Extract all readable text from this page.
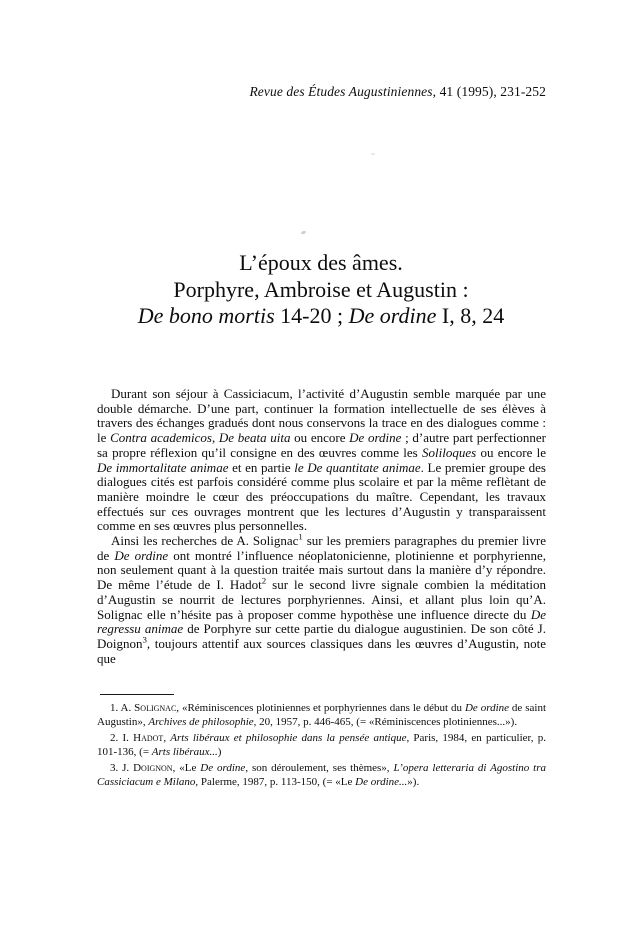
Revue des Études Augustiniennes, 41 (1995), 231-252
L’époux des âmes.
Porphyre, Ambroise et Augustin :
De bono mortis 14-20 ; De ordine I, 8, 24

Durant son séjour à Cassiciacum, l’activité d’Augustin semble marquée par une double démarche. D’une part, continuer la formation intellectuelle de ses élèves à travers des échanges gradués dont nous conservons la trace en des dialogues comme : le Contra academicos, De beata uita ou encore De ordine ; d’autre part perfectionner sa propre réflexion qu’il consigne en des œuvres comme les Soliloques ou encore le De immortalitate animae et en partie le De quantitate animae. Le premier groupe des dialogues cités est parfois considéré comme plus scolaire et par la même reflètant de manière moindre le cœur des préoccupations du maître. Cependant, les travaux effectués sur ces ouvrages montrent que les lectures d’Augustin y transparaissent comme en ses œuvres plus personnelles.

Ainsi les recherches de A. Solignac$^1$ sur les premiers paragraphes du premier livre de De ordine ont montré l’influence néoplatonicienne, plotinienne et porphyrienne, non seulement quant à la question traitée mais surtout dans la manière d’y répondre. De même l’étude de I. Hadot$^2$ sur le second livre signale combien la méditation d’Augustin se nourrit de lectures porphyriennes. Ainsi, et allant plus loin qu’A. Solignac elle n’hésite pas à proposer comme hypothèse une influence directe du De regressu animae de Porphyre sur cette partie du dialogue augustinien. De son côté J. Doignon$^3$, toujours attentif aux sources classiques dans les œuvres d’Augustin, note que

1. A. Solignac, «Réminiscences plotiniennes et porphyriennes dans le début du De ordine de saint Augustin», Archives de philosophie, 20, 1957, p. 446-465, (= «Réminiscences plotiniennes...»).

2. I. Hadot, Arts libéraux et philosophie dans la pensée antique, Paris, 1984, en particulier, p. 101-136, (= Arts libéraux...)

3. J. Doignon, «Le De ordine, son déroulement, ses thèmes», L’opera letteraria di Agostino tra Cassiciacum e Milano, Palerme, 1987, p. 113-150, (= «Le De ordine...»).
